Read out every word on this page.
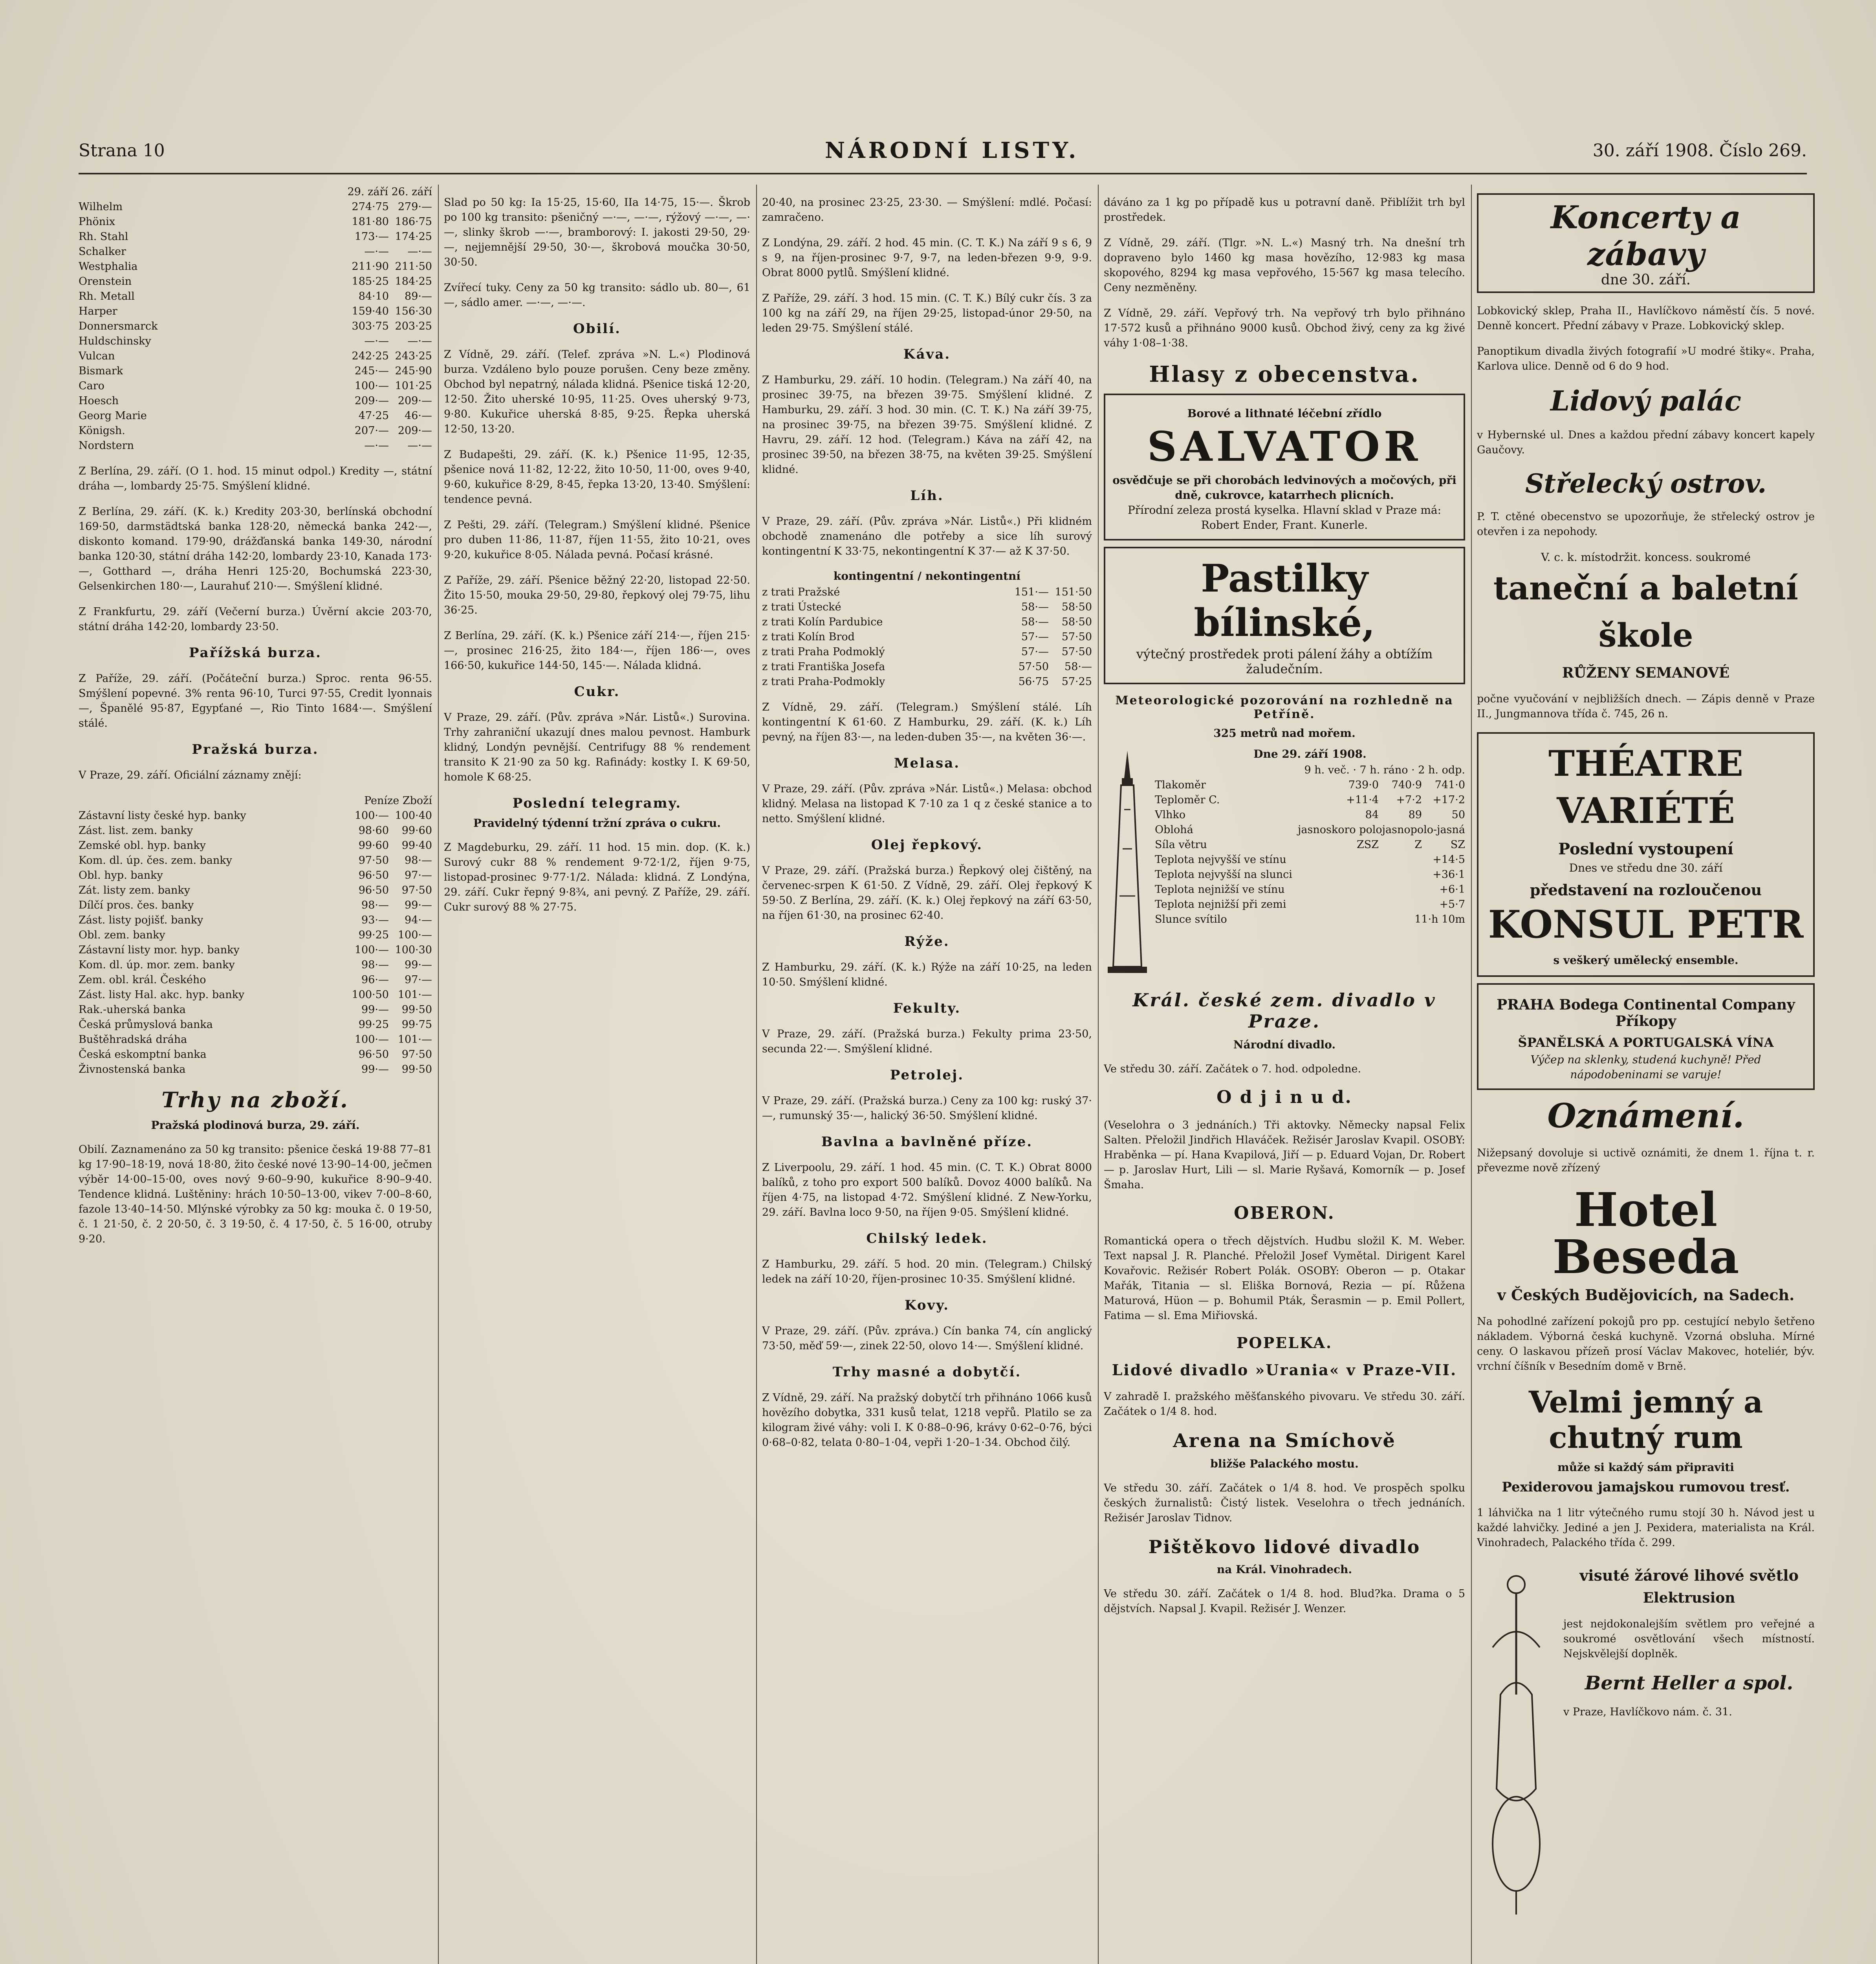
Strana 10	NÁRODNÍ LISTY.	30. září 1908. Číslo 269.
29. září 26. září
Wilhelm	274·75 279·—
Phönix	181·80 186·75
Rh. Stahl	173·— 174·25
Schalker	—·— —·—
Westphalia	211·90 211·50
Orenstein	185·25 184·25
Rh. Metall	84·10 89·—
Harper	159·40 156·30
Donnersmarck	303·75 203·25
Huldschinsky	—·— —·—
Vulcan	242·25 243·25
Bismark	245·— 245·90
Caro	100·— 101·25
Hoesch	209·— 209·—
Georg Marie	47·25 46·—
Königsh.	207·— 209·—
Nordstern	—·— —·—

Z Berlína, 29. září. (O 1. hod. 15 minut odpol.) Kredity —, státní dráha —, lombardy 25·75. Smýšlení klidné.

Z Berlína, 29. září. (K. k.) Kredity 203·30, berlínská obchodní 169·50, darmstädtská banka 128·20, německá banka 242·—, diskonto komand. 179·90, drážďanská banka 149·30, národní banka 120·30, státní dráha 142·20, lombardy 23·10, Kanada 173·—, Gotthard —, dráha Henri 125·20, Bochumská 223·30, Gelsenkirchen 180·—, Laurahuť 210·—. Smýšlení klidné.

Z Frankfurtu, 29. září (Večerní burza.) Úvěrní akcie 203·70, státní dráha 142·20, lombardy 23·50.

Pařížská burza.

Z Paříže, 29. září. (Počáteční burza.) Sproc. renta 96·55. Smýšlení popevné. 3% renta 96·10, Turci 97·55, Credit lyonnais —, Španělé 95·87, Egypťané —, Rio Tinto 1684·—. Smýšlení stálé.

Pražská burza.

V Praze, 29. září. Oficiální záznamy znějí:

Peníze Zboží
Zástavní listy české hyp. banky	100·— 100·40
Zást. list. zem. banky	98·60 99·60
Zemské obl. hyp. banky	99·60 99·40
Kom. dl. úp. čes. zem. banky	97·50 98·—
Obl. hyp. banky	96·50 97·—
Zát. listy zem. banky	96·50 97·50
Dílčí pros. čes. banky	98·— 99·—
Zást. listy pojišť. banky	93·— 94·—
Obl. zem. banky	99·25 100·—
Zástavní listy mor. hyp. banky	100·— 100·30
Kom. dl. úp. mor. zem. banky	98·— 99·—
Zem. obl. král. Českého	96·— 97·—
Zást. listy Hal. akc. hyp. banky	100·50 101·—
Rak.-uherská banka	99·— 99·50
Česká průmyslová banka	99·25 99·75
Buštěhradská dráha	100·— 101·—
Česká eskomptní banka	96·50 97·50
Živnostenská banka	99·— 99·50
Trhy na zboží.
Pražská plodinová burza, 29. září.

Obilí. Zaznamenáno za 50 kg transito: pšenice česká 19·88 77–81 kg 17·90–18·19, nová 18·80, žito české nové 13·90–14·00, ječmen výběr 14·00–15·00, oves nový 9·60–9·90, kukuřice 8·90–9·40. Tendence klidná. Luštěniny: hrách 10·50–13·00, vikev 7·00–8·60, fazole 13·40–14·50. Mlýnské výrobky za 50 kg: mouka č. 0 19·50, č. 1 21·50, č. 2 20·50, č. 3 19·50, č. 4 17·50, č. 5 16·00, otruby 9·20.

Slad po 50 kg: Ia 15·25, 15·60, IIa 14·75, 15·—. Škrob po 100 kg transito: pšeničný —·—, —·—, rýžový —·—, —·—, slinky škrob —·—, bramborový: I. jakosti 29·50, 29·—, nejjemnější 29·50, 30·—, škrobová moučka 30·50, 30·50.

Zvířecí tuky. Ceny za 50 kg transito: sádlo ub. 80—, 61—, sádlo amer. —·—, —·—.

Obilí.

Z Vídně, 29. září. (Telef. zpráva »N. L.«) Plodinová burza. Vzdáleno bylo pouze porušen. Ceny beze změny. Obchod byl nepatrný, nálada klidná. Pšenice tiská 12·20, 12·50. Žito uherské 10·95, 11·25. Oves uherský 9·73, 9·80. Kukuřice uherská 8·85, 9·25. Řepka uherská 12·50, 13·20.

Z Budapešti, 29. září. (K. k.) Pšenice 11·95, 12·35, pšenice nová 11·82, 12·22, žito 10·50, 11·00, oves 9·40, 9·60, kukuřice 8·29, 8·45, řepka 13·20, 13·40. Smýšlení: tendence pevná.

Z Pešti, 29. září. (Telegram.) Smýšlení klidné. Pšenice pro duben 11·86, 11·87, říjen 11·55, žito 10·21, oves 9·20, kukuřice 8·05. Nálada pevná. Počasí krásné.

Z Paříže, 29. září. Pšenice běžný 22·20, listopad 22·50. Žito 15·50, mouka 29·50, 29·80, řepkový olej 79·75, lihu 36·25.

Z Berlína, 29. září. (K. k.) Pšenice září 214·—, říjen 215·—, prosinec 216·25, žito 184·—, říjen 186·—, oves 166·50, kukuřice 144·50, 145·—. Nálada klidná.

Cukr.

V Praze, 29. září. (Pův. zpráva »Nár. Listů«.) Surovina. Trhy zahraniční ukazují dnes malou pevnost. Hamburk klidný, Londýn pevnější. Centrifugy 88 % rendement transito K 21·90 za 50 kg. Rafinády: kostky I. K 69·50, homole K 68·25.

Poslední telegramy.
Pravidelný týdenní tržní zpráva o cukru.

Z Magdeburku, 29. září. 11 hod. 15 min. dop. (K. k.) Surový cukr 88 % rendement 9·72·1/2, říjen 9·75, listopad-prosinec 9·77·1/2. Nálada: klidná. Z Londýna, 29. září. Cukr řepný 9·8¾, ani pevný. Z Paříže, 29. září. Cukr surový 88 % 27·75.

20·40, na prosinec 23·25, 23·30. — Smýšlení: mdlé. Počasí: zamračeno.

Z Londýna, 29. září. 2 hod. 45 min. (C. T. K.) Na září 9 s 6, 9 s 9, na říjen-prosinec 9·7, 9·7, na leden-březen 9·9, 9·9. Obrat 8000 pytlů. Smýšlení klidné.

Z Paříže, 29. září. 3 hod. 15 min. (C. T. K.) Bílý cukr čís. 3 za 100 kg na září 29, na říjen 29·25, listopad-únor 29·50, na leden 29·75. Smýšlení stálé.

Káva.

Z Hamburku, 29. září. 10 hodin. (Telegram.) Na září 40, na prosinec 39·75, na březen 39·75. Smýšlení klidné. Z Hamburku, 29. září. 3 hod. 30 min. (C. T. K.) Na září 39·75, na prosinec 39·75, na březen 39·75. Smýšlení klidné. Z Havru, 29. září. 12 hod. (Telegram.) Káva na září 42, na prosinec 39·50, na březen 38·75, na květen 39·25. Smýšlení klidné.

Líh.

V Praze, 29. září. (Pův. zpráva »Nár. Listů«.) Při klidném obchodě znamenáno dle potřeby a sice líh surový kontingentní K 33·75, nekontingentní K 37·— až K 37·50.

kontingentní / nekontingentní
z trati Pražské	151·— 151·50
z trati Ústecké	58·— 58·50
z trati Kolín Pardubice	58·— 58·50
z trati Kolín Brod	57·— 57·50
z trati Praha Podmoklý	57·— 57·50
z trati Františka Josefa	57·50 58·—
z trati Praha-Podmokly	56·75 57·25

Z Vídně, 29. září. (Telegram.) Smýšlení stálé. Líh kontingentní K 61·60. Z Hamburku, 29. září. (K. k.) Líh pevný, na říjen 83·—, na leden-duben 35·—, na květen 36·—.

Melasa.

V Praze, 29. září. (Pův. zpráva »Nár. Listů«.) Melasa: obchod klidný. Melasa na listopad K 7·10 za 1 q z české stanice a to netto. Smýšlení klidné.

Olej řepkový.

V Praze, 29. září. (Pražská burza.) Řepkový olej čištěný, na červenec-srpen K 61·50. Z Vídně, 29. září. Olej řepkový K 59·50. Z Berlína, 29. září. (K. k.) Olej řepkový na září 63·50, na říjen 61·30, na prosinec 62·40.

Rýže.

Z Hamburku, 29. září. (K. k.) Rýže na září 10·25, na leden 10·50. Smýšlení klidné.

Fekulty.

V Praze, 29. září. (Pražská burza.) Fekulty prima 23·50, secunda 22·—. Smýšlení klidné.

Petrolej.

V Praze, 29. září. (Pražská burza.) Ceny za 100 kg: ruský 37·—, rumunský 35·—, halický 36·50. Smýšlení klidné.

Bavlna a bavlněné příze.

Z Liverpoolu, 29. září. 1 hod. 45 min. (C. T. K.) Obrat 8000 balíků, z toho pro export 500 balíků. Dovoz 4000 balíků. Na říjen 4·75, na listopad 4·72. Smýšlení klidné. Z New-Yorku, 29. září. Bavlna loco 9·50, na říjen 9·05. Smýšlení klidné.

Chilský ledek.

Z Hamburku, 29. září. 5 hod. 20 min. (Telegram.) Chilský ledek na září 10·20, říjen-prosinec 10·35. Smýšlení klidné.

Kovy.

V Praze, 29. září. (Pův. zpráva.) Cín banka 74, cín anglický 73·50, měď 59·—, zinek 22·50, olovo 14·—. Smýšlení klidné.

Trhy masné a dobytčí.

Z Vídně, 29. září. Na pražský dobytčí trh přihnáno 1066 kusů hovězího dobytka, 331 kusů telat, 1218 vepřů. Platilo se za kilogram živé váhy: voli I. K 0·88–0·96, krávy 0·62–0·76, býci 0·68–0·82, telata 0·80–1·04, vepři 1·20–1·34. Obchod čilý.

dáváno za 1 kg po případě kus u potravní daně. Přiblížit trh byl prostředek.

Z Vídně, 29. září. (Tlgr. »N. L.«) Masný trh. Na dnešní trh dopraveno bylo 1460 kg masa hovězího, 12·983 kg masa skopového, 8294 kg masa vepřového, 15·567 kg masa telecího. Ceny nezměněny.

Z Vídně, 29. září. Vepřový trh. Na vepřový trh bylo přihnáno 17·572 kusů a přihnáno 9000 kusů. Obchod živý, ceny za kg živé váhy 1·08–1·38.

Hlasy z obecenstva.
Borové a lithnaté léčební zřídlo
SALVATOR
osvědčuje se při chorobách ledvinových a močových, při dně, cukrovce, katarrhech plicních.
Přírodní zeleza prostá kyselka. Hlavní sklad v Praze má: Robert Ender, Frant. Kunerle.
Pastilky bílinské,
výtečný prostředek proti pálení žáhy a obtížím žaludečním.
Meteorologické pozorování na rozhledně na Petříně.
325 metrů nad mořem.
Dne 29. září 1908.
9 h. več. · 7 h. ráno · 2 h. odp.
Tlakoměr	739·0 740·9 741·0
Teploměr C.	+11·4 +7·2 +17·2
Vlhko	84	89	50
Oblohá	jasnoskoro polojasnopolo-jasná
Síla větru	ZSZ	Z	SZ
Teplota nejvyšší ve stínu	+14·5
Teplota nejvyšší na slunci	+36·1
Teplota nejnižší ve stínu	+6·1
Teplota nejnižší při zemi	+5·7
Slunce svítilo	11·h 10m
Král. české zem. divadlo v Praze.
Národní divadlo.

Ve středu 30. září. Začátek o 7. hod. odpoledne.

O d j i n u d.

(Veselohra o 3 jednáních.) Tři aktovky. Německy napsal Felix Salten. Přeložil Jindřich Hlaváček. Režisér Jaroslav Kvapil. OSOBY: Hraběnka — pí. Hana Kvapilová, Jiří — p. Eduard Vojan, Dr. Robert — p. Jaroslav Hurt, Lili — sl. Marie Ryšavá, Komorník — p. Josef Šmaha.

OBERON.

Romantická opera o třech dějstvích. Hudbu složil K. M. Weber. Text napsal J. R. Planché. Přeložil Josef Vymětal. Dirigent Karel Kovařovic. Režisér Robert Polák. OSOBY: Oberon — p. Otakar Mařák, Titania — sl. Eliška Bornová, Rezia — pí. Růžena Maturová, Hüon — p. Bohumil Pták, Šerasmin — p. Emil Pollert, Fatima — sl. Ema Miřiovská.

POPELKA.
Lidové divadlo »Urania« v Praze-VII.

V zahradě I. pražského měšťanského pivovaru. Ve středu 30. září. Začátek o 1/4 8. hod.

Arena na Smíchově
bližše Palackého mostu.

Ve středu 30. září. Začátek o 1/4 8. hod. Ve prospěch spolku českých žurnalistů: Čistý listek. Veselohra o třech jednáních. Režisér Jaroslav Tidnov.

Pištěkovo lidové divadlo
na Král. Vinohradech.

Ve středu 30. září. Začátek o 1/4 8. hod. Blud?ka. Drama o 5 dějstvích. Napsal J. Kvapil. Režisér J. Wenzer.

Koncerty a zábavy
dne 30. září.

Lobkovický sklep, Praha II., Havlíčkovo náměstí čís. 5 nové. Denně koncert. Přední zábavy v Praze. Lobkovický sklep.

Panoptikum divadla živých fotografií »U modré štiky«. Praha, Karlova ulice. Denně od 6 do 9 hod.

Lidový palác

v Hybernské ul. Dnes a každou přední zábavy koncert kapely Gaučovy.

Střelecký ostrov.

P. T. ctěné obecenstvo se upozorňuje, že střelecký ostrov je otevřen i za nepohody.

V. c. k. místodržit. koncess. soukromé
taneční a baletní škole
RŮŽENY SEMANOVÉ

počne vyučování v nejbližších dnech. — Zápis denně v Praze II., Jungmannova třída č. 745, 26 n.

THÉATRE VARIÉTÉ
Poslední vystoupení
Dnes ve středu dne 30. září
představení na rozloučenou
KONSUL PETR
s veškerý umělecký ensemble.
PRAHA Bodega Continental Company Příkopy
ŠPANĚLSKÁ A PORTUGALSKÁ VÍNA
Výčep na sklenky, studená kuchyně! Před nápodobeninami se varuje!
Oznámení.

Nižepsaný dovoluje si uctivě oznámiti, že dnem 1. října t. r. převezme nově zřízený

Hotel Beseda
v Českých Budějovicích, na Sadech.

Na pohodlné zařízení pokojů pro pp. cestující nebylo šetřeno nákladem. Výborná česká kuchyně. Vzorná obsluha. Mírné ceny. O laskavou přízeň prosí Václav Makovec, hoteliér, býv. vrchní číšník v Besedním domě v Brně.

Velmi jemný a chutný rum
může si každý sám připraviti
Pexiderovou jamajskou rumovou tresť.

1 láhvička na 1 litr výtečného rumu stojí 30 h. Návod jest u každé lahvičky. Jediné a jen J. Pexidera, materialista na Král. Vinohradech, Palackého třída č. 299.

visuté žárové lihové světlo
Elektrusion

jest nejdokonalejším světlem pro veřejné a soukromé osvětlování všech místností. Nejskvělejší doplněk.

Bernt Heller a spol.

v Praze, Havlíčkovo nám. č. 31.
